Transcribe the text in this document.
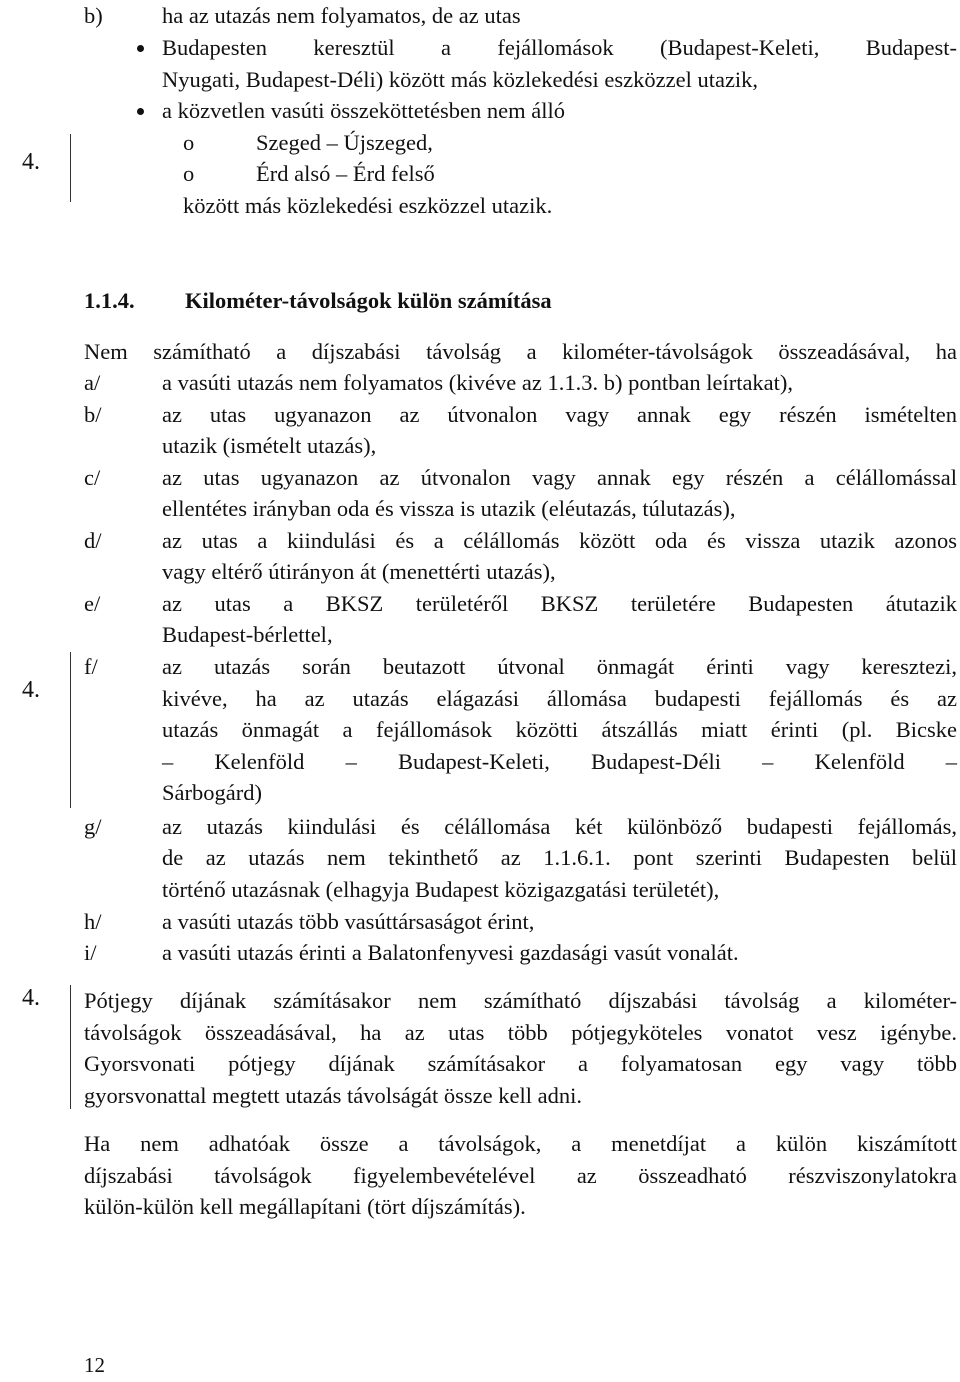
4.
4.
4.
b)	ha az utazás nem folyamatos, de az utas
Budapesten keresztül a fejállomások (Budapest-Keleti, Budapest-
Nyugati, Budapest-Déli) között más közlekedési eszközzel utazik,
a közvetlen vasúti összeköttetésben nem álló
o	Szeged – Újszeged,
o	Érd alsó – Érd felső
között más közlekedési eszközzel utazik.
1.1.4. Kilométer-távolságok külön számítása
Nem számítható a díjszabási távolság a kilométer-távolságok összeadásával, ha
a/	a vasúti utazás nem folyamatos (kivéve az 1.1.3. b) pontban leírtakat),
b/	az utas ugyanazon az útvonalon vagy annak egy részén ismételten
utazik (ismételt utazás),
c/	az utas ugyanazon az útvonalon vagy annak egy részén a célállomással
ellentétes irányban oda és vissza is utazik (eléutazás, túlutazás),
d/	az utas a kiindulási és a célállomás között oda és vissza utazik azonos
vagy eltérő útirányon át (menettérti utazás),
e/	az utas a BKSZ területéről BKSZ területére Budapesten átutazik
Budapest-bérlettel,
f/	az utazás során beutazott útvonal önmagát érinti vagy keresztezi,
kivéve, ha az utazás elágazási állomása budapesti fejállomás és az
utazás önmagát a fejállomások közötti átszállás miatt érinti (pl. Bicske
– Kelenföld – Budapest-Keleti, Budapest-Déli – Kelenföld –
Sárbogárd)
g/	az utazás kiindulási és célállomása két különböző budapesti fejállomás,
de az utazás nem tekinthető az 1.1.6.1. pont szerinti Budapesten belül
történő utazásnak (elhagyja Budapest közigazgatási területét),
h/	a vasúti utazás több vasúttársaságot érint,
i/	a vasúti utazás érinti a Balatonfenyvesi gazdasági vasút vonalát.
Pótjegy díjának számításakor nem számítható díjszabási távolság a kilométer-
távolságok összeadásával, ha az utas több pótjegyköteles vonatot vesz igénybe.
Gyorsvonati pótjegy díjának számításakor a folyamatosan egy vagy több
gyorsvonattal megtett utazás távolságát össze kell adni.
Ha nem adhatóak össze a távolságok, a menetdíjat a külön kiszámított
díjszabási távolságok figyelembevételével az összeadható részviszonylatokra
külön-külön kell megállapítani (tört díjszámítás).
12
